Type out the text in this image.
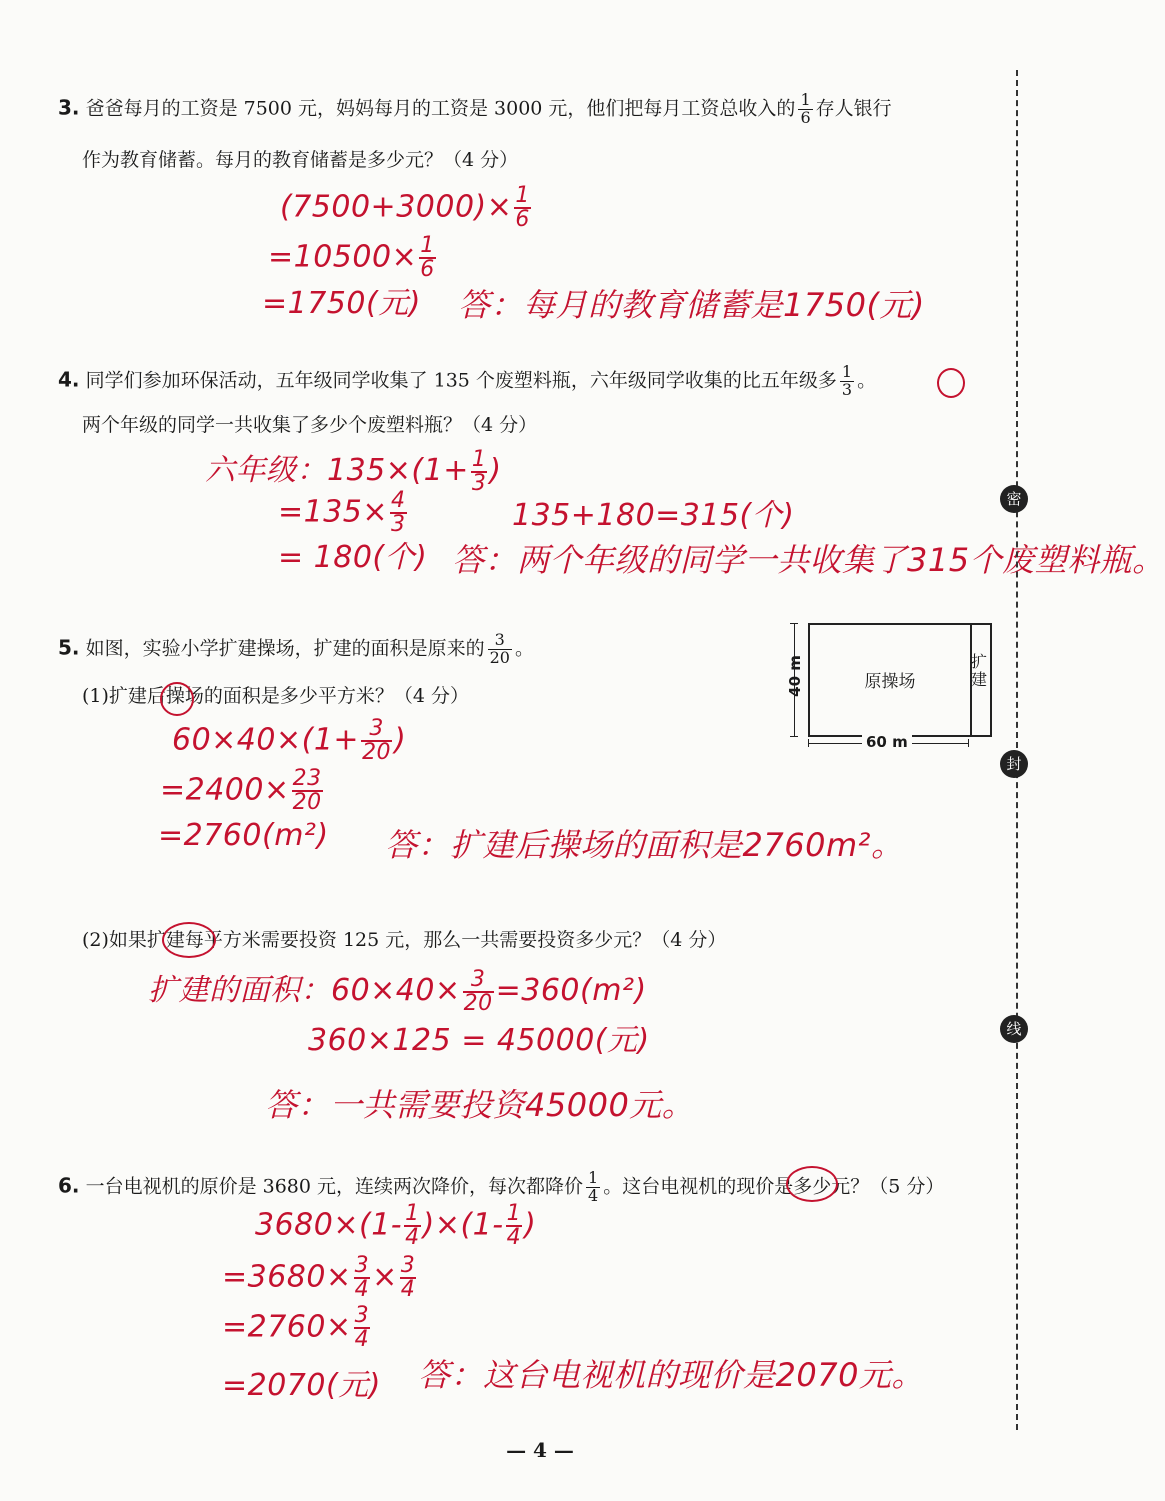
3. 爸爸每月的工资是 7500 元，妈妈每月的工资是 3000 元，他们把每月工资总收入的 $\frac{1}{6}$ 存人银行
作为教育储蓄。每月的教育储蓄是多少元？（4 分）
$(7500+3000)\times \frac{1}{6}$
$=10500\times \frac{1}{6}$
=1750(元) 答：每月的教育储蓄是1750(元)
4. 同学们参加环保活动，五年级同学收集了 135 个废塑料瓶，六年级同学收集的比五年级多 $\frac{1}{3}$ 。
两个年级的同学一共收集了多少个废塑料瓶？（4 分）
六年级：$135\times(1+ \frac{1}{3}$ )
$=135\times \frac{4}{3}$	135+180=315(个)
= 180(个) 答：两个年级的同学一共收集了315个废塑料瓶。
5. 如图，实验小学扩建操场，扩建的面积是原来的 $\frac{3}{20}$ 。
40 m	原操场
扩
建
60 m
(1)扩建后操场的面积是多少平方米？（4 分）
$60\times 40\times(1+ \frac{3}{20}$ )
$=2400\times \frac{23}{20}$
=2760(m²) 答：扩建后操场的面积是2760m²。
(2)如果扩建每平方米需要投资 125 元，那么一共需要投资多少元？（4 分）
扩建的面积：$60\times 40\times \frac{3}{20} =360(m^2)$
360×125 = 45000(元)
答：一共需要投资45000元。
6. 一台电视机的原价是 3680 元，连续两次降价，每次都降价 $\frac{1}{4}$ 。这台电视机的现价是多少元？（5 分）
$3680\times(1- \frac{1}{4} )\times(1- \frac{1}{4}$ )
$=3680\times \frac{3}{4} \times \frac{3}{4}$
$=2760\times \frac{3}{4}$
=2070(元) 答：这台电视机的现价是2070元。
密
封
线
— 4 —
